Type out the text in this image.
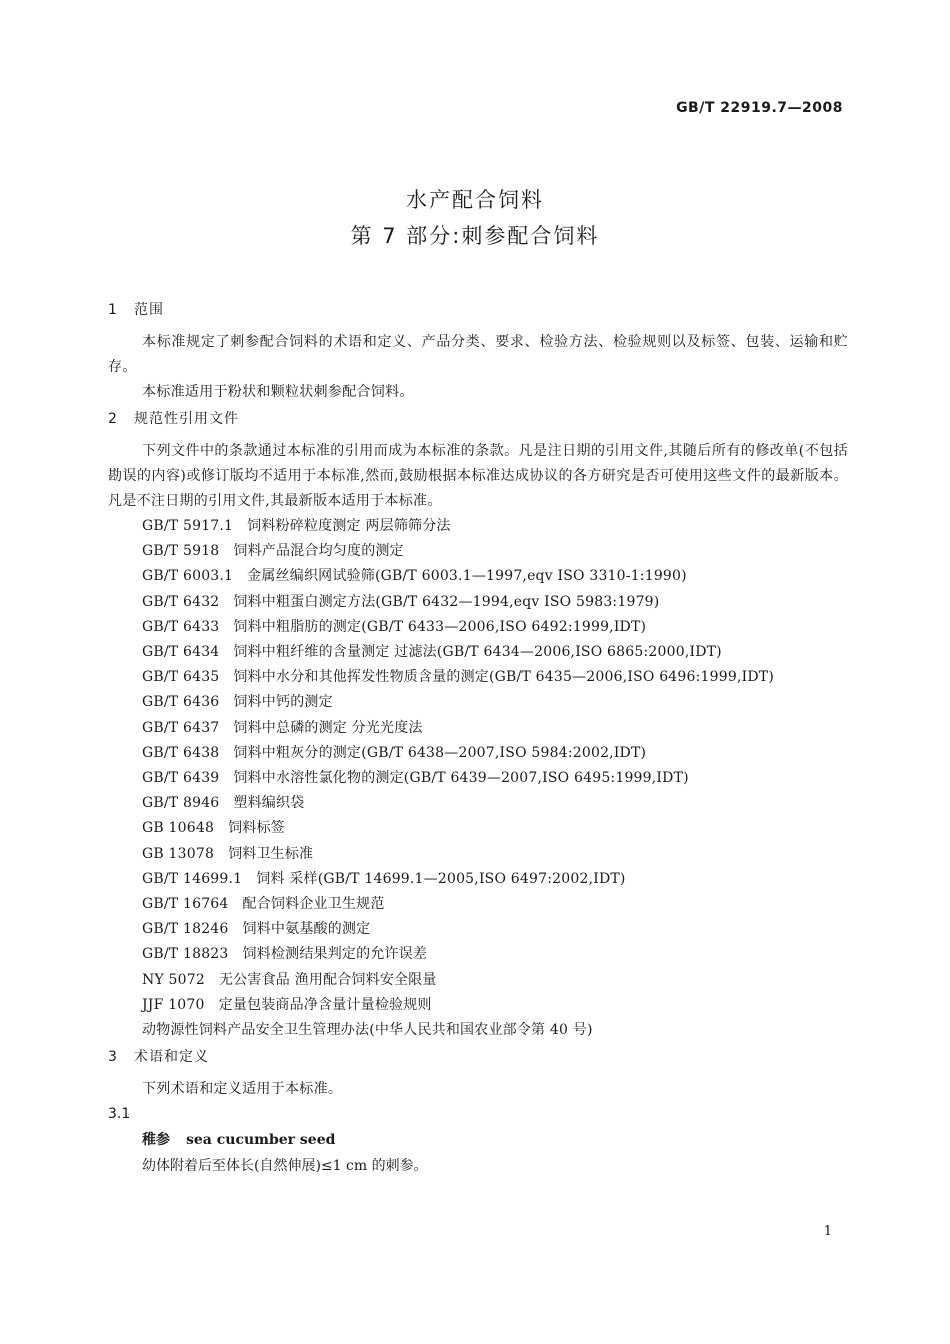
GB/T 22919.7—2008

水产配合饲料

第 7 部分:刺参配合饲料

1 范围
本标准规定了刺参配合饲料的术语和定义、产品分类、要求、检验方法、检验规则以及标签、包装、运输和贮存。
本标准适用于粉状和颗粒状刺参配合饲料。
2 规范性引用文件
下列文件中的条款通过本标准的引用而成为本标准的条款。凡是注日期的引用文件,其随后所有的修改单(不包括勘误的内容)或修订版均不适用于本标准,然而,鼓励根据本标准达成协议的各方研究是否可使用这些文件的最新版本。凡是不注日期的引用文件,其最新版本适用于本标准。
GB/T 5917.1 饲料粉碎粒度测定 两层筛筛分法
GB/T 5918 饲料产品混合均匀度的测定
GB/T 6003.1 金属丝编织网试验筛(GB/T 6003.1—1997,eqv ISO 3310-1:1990)
GB/T 6432 饲料中粗蛋白测定方法(GB/T 6432—1994,eqv ISO 5983:1979)
GB/T 6433 饲料中粗脂肪的测定(GB/T 6433—2006,ISO 6492:1999,IDT)
GB/T 6434 饲料中粗纤维的含量测定 过滤法(GB/T 6434—2006,ISO 6865:2000,IDT)
GB/T 6435 饲料中水分和其他挥发性物质含量的测定(GB/T 6435—2006,ISO 6496:1999,IDT)
GB/T 6436 饲料中钙的测定
GB/T 6437 饲料中总磷的测定 分光光度法
GB/T 6438 饲料中粗灰分的测定(GB/T 6438—2007,ISO 5984:2002,IDT)
GB/T 6439 饲料中水溶性氯化物的测定(GB/T 6439—2007,ISO 6495:1999,IDT)
GB/T 8946 塑料编织袋
GB 10648 饲料标签
GB 13078 饲料卫生标准
GB/T 14699.1 饲料 采样(GB/T 14699.1—2005,ISO 6497:2002,IDT)
GB/T 16764 配合饲料企业卫生规范
GB/T 18246 饲料中氨基酸的测定
GB/T 18823 饲料检测结果判定的允许误差
NY 5072 无公害食品 渔用配合饲料安全限量
JJF 1070 定量包装商品净含量计量检验规则
动物源性饲料产品安全卫生管理办法(中华人民共和国农业部令第 40 号)
3 术语和定义
下列术语和定义适用于本标准。
3.1
稚参 sea cucumber seed
幼体附着后至体长(自然伸展)≤1 cm 的刺参。
1
